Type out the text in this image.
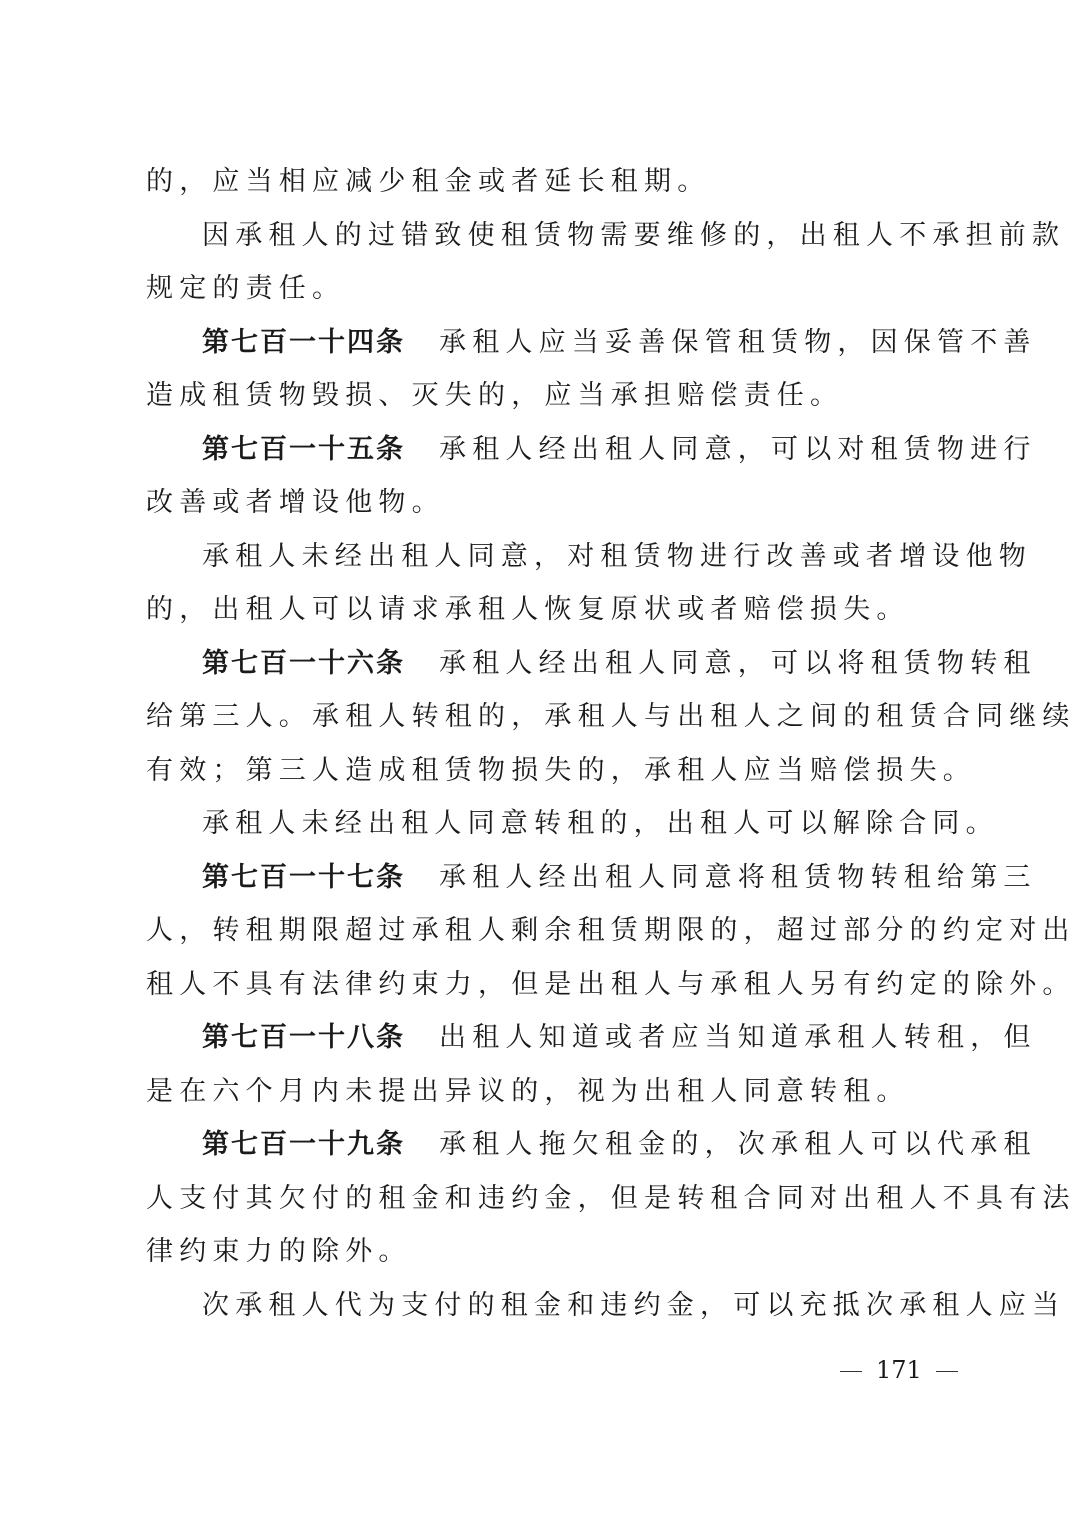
的，应当相应减少租金或者延长租期。
因承租人的过错致使租赁物需要维修的，出租人不承担前款
规定的责任。
第七百一十四条 承租人应当妥善保管租赁物，因保管不善
造成租赁物毁损、灭失的，应当承担赔偿责任。
第七百一十五条 承租人经出租人同意，可以对租赁物进行
改善或者增设他物。
承租人未经出租人同意，对租赁物进行改善或者增设他物
的，出租人可以请求承租人恢复原状或者赔偿损失。
第七百一十六条 承租人经出租人同意，可以将租赁物转租
给第三人。承租人转租的，承租人与出租人之间的租赁合同继续
有效；第三人造成租赁物损失的，承租人应当赔偿损失。
承租人未经出租人同意转租的，出租人可以解除合同。
第七百一十七条 承租人经出租人同意将租赁物转租给第三
人，转租期限超过承租人剩余租赁期限的，超过部分的约定对出
租人不具有法律约束力，但是出租人与承租人另有约定的除外。
第七百一十八条 出租人知道或者应当知道承租人转租，但
是在六个月内未提出异议的，视为出租人同意转租。
第七百一十九条 承租人拖欠租金的，次承租人可以代承租
人支付其欠付的租金和违约金，但是转租合同对出租人不具有法
律约束力的除外。
次承租人代为支付的租金和违约金，可以充抵次承租人应当
171
